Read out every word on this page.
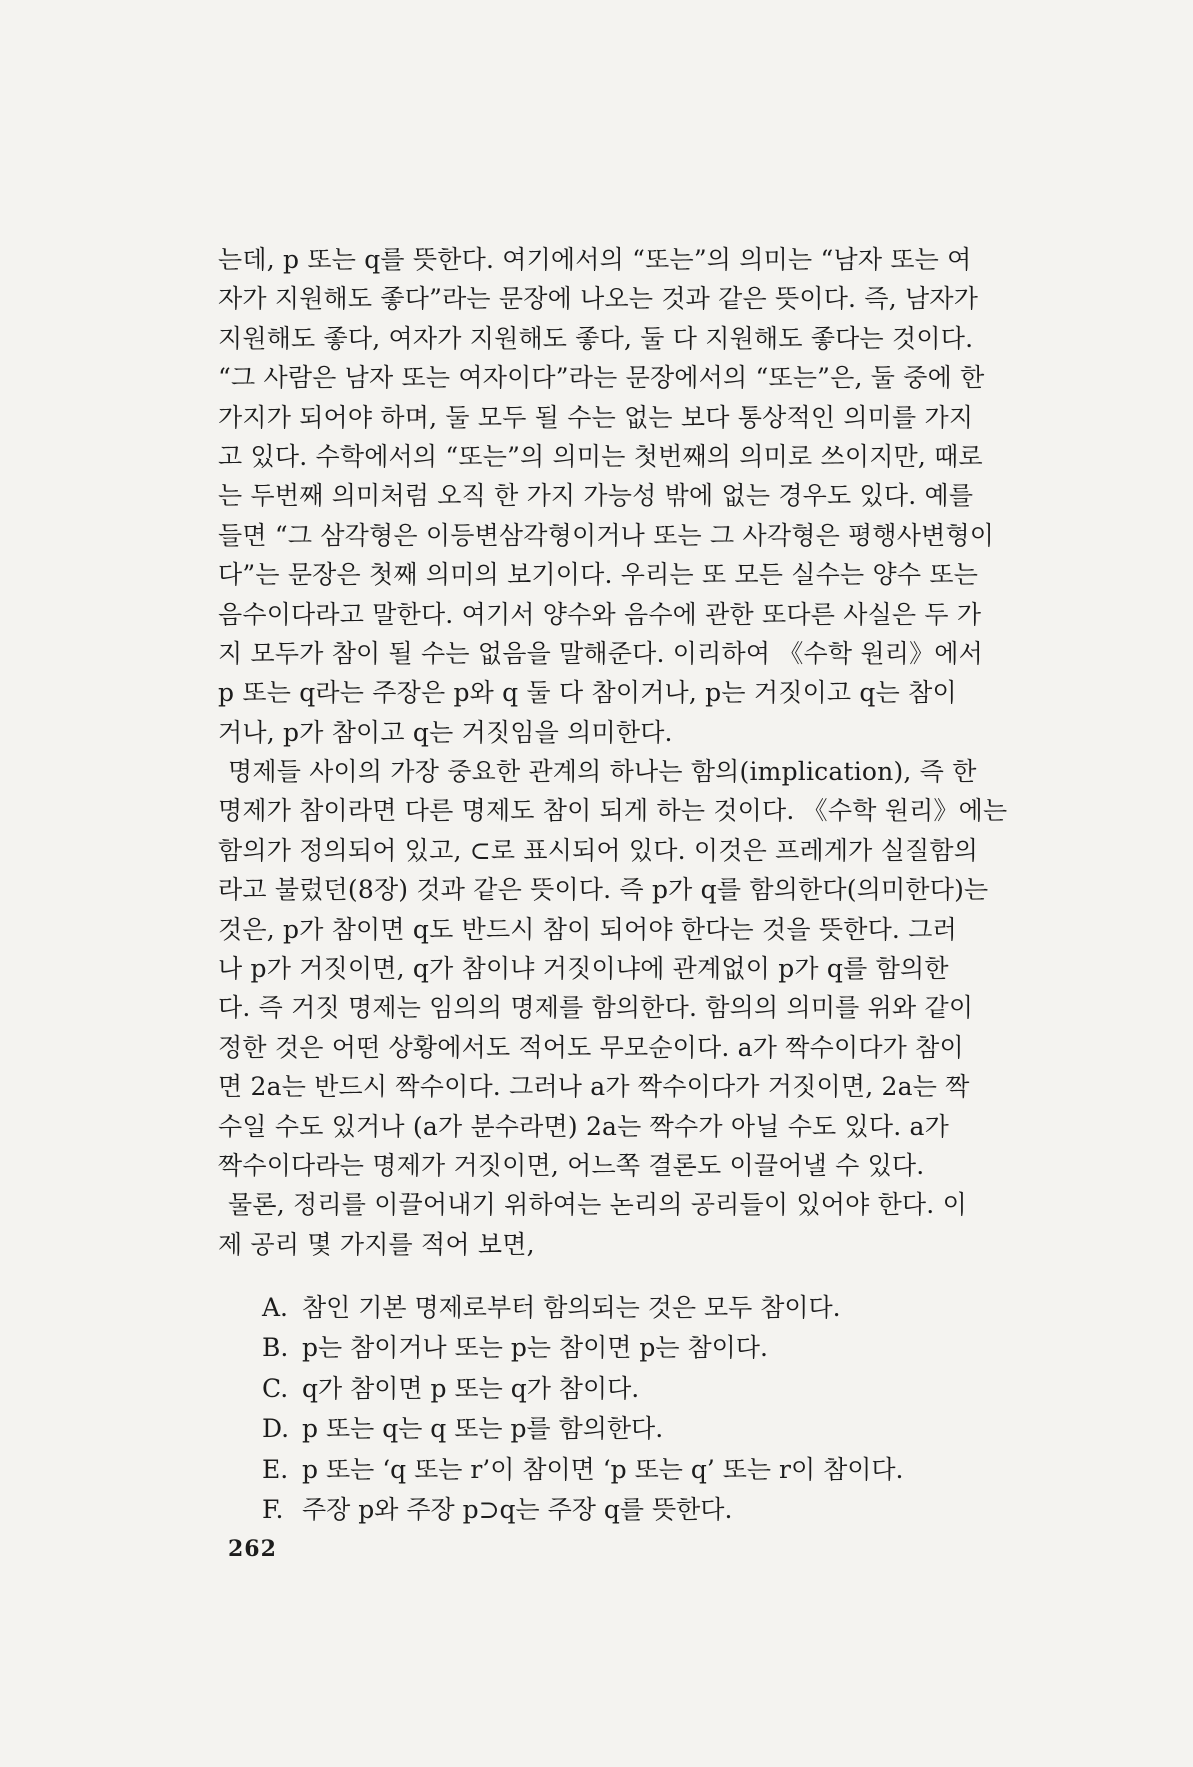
는데, p 또는 q를 뜻한다. 여기에서의 “또는”의 의미는 “남자 또는 여
자가 지원해도 좋다”라는 문장에 나오는 것과 같은 뜻이다. 즉, 남자가
지원해도 좋다, 여자가 지원해도 좋다, 둘 다 지원해도 좋다는 것이다.
“그 사람은 남자 또는 여자이다”라는 문장에서의 “또는”은, 둘 중에 한
가지가 되어야 하며, 둘 모두 될 수는 없는 보다 통상적인 의미를 가지
고 있다. 수학에서의 “또는”의 의미는 첫번째의 의미로 쓰이지만, 때로
는 두번째 의미처럼 오직 한 가지 가능성 밖에 없는 경우도 있다. 예를
들면 “그 삼각형은 이등변삼각형이거나 또는 그 사각형은 평행사변형이
다”는 문장은 첫째 의미의 보기이다. 우리는 또 모든 실수는 양수 또는
음수이다라고 말한다. 여기서 양수와 음수에 관한 또다른 사실은 두 가
지 모두가 참이 될 수는 없음을 말해준다. 이리하여 《수학 원리》에서
p 또는 q라는 주장은 p와 q 둘 다 참이거나, p는 거짓이고 q는 참이
거나, p가 참이고 q는 거짓임을 의미한다.
명제들 사이의 가장 중요한 관계의 하나는 함의(implication), 즉 한
명제가 참이라면 다른 명제도 참이 되게 하는 것이다. 《수학 원리》에는
함의가 정의되어 있고, ⊂로 표시되어 있다. 이것은 프레게가 실질함의
라고 불렀던(8장) 것과 같은 뜻이다. 즉 p가 q를 함의한다(의미한다)는
것은, p가 참이면 q도 반드시 참이 되어야 한다는 것을 뜻한다. 그러
나 p가 거짓이면, q가 참이냐 거짓이냐에 관계없이 p가 q를 함의한
다. 즉 거짓 명제는 임의의 명제를 함의한다. 함의의 의미를 위와 같이
정한 것은 어떤 상황에서도 적어도 무모순이다. a가 짝수이다가 참이
면 2a는 반드시 짝수이다. 그러나 a가 짝수이다가 거짓이면, 2a는 짝
수일 수도 있거나 (a가 분수라면) 2a는 짝수가 아닐 수도 있다. a가
짝수이다라는 명제가 거짓이면, 어느쪽 결론도 이끌어낼 수 있다.
물론, 정리를 이끌어내기 위하여는 논리의 공리들이 있어야 한다. 이
제 공리 몇 가지를 적어 보면,
A. 참인 기본 명제로부터 함의되는 것은 모두 참이다.
B. p는 참이거나 또는 p는 참이면 p는 참이다.
C. q가 참이면 p 또는 q가 참이다.
D. p 또는 q는 q 또는 p를 함의한다.
E. p 또는 ‘q 또는 r’이 참이면 ‘p 또는 q’ 또는 r이 참이다.
F. 주장 p와 주장 p⊃q는 주장 q를 뜻한다.
262
